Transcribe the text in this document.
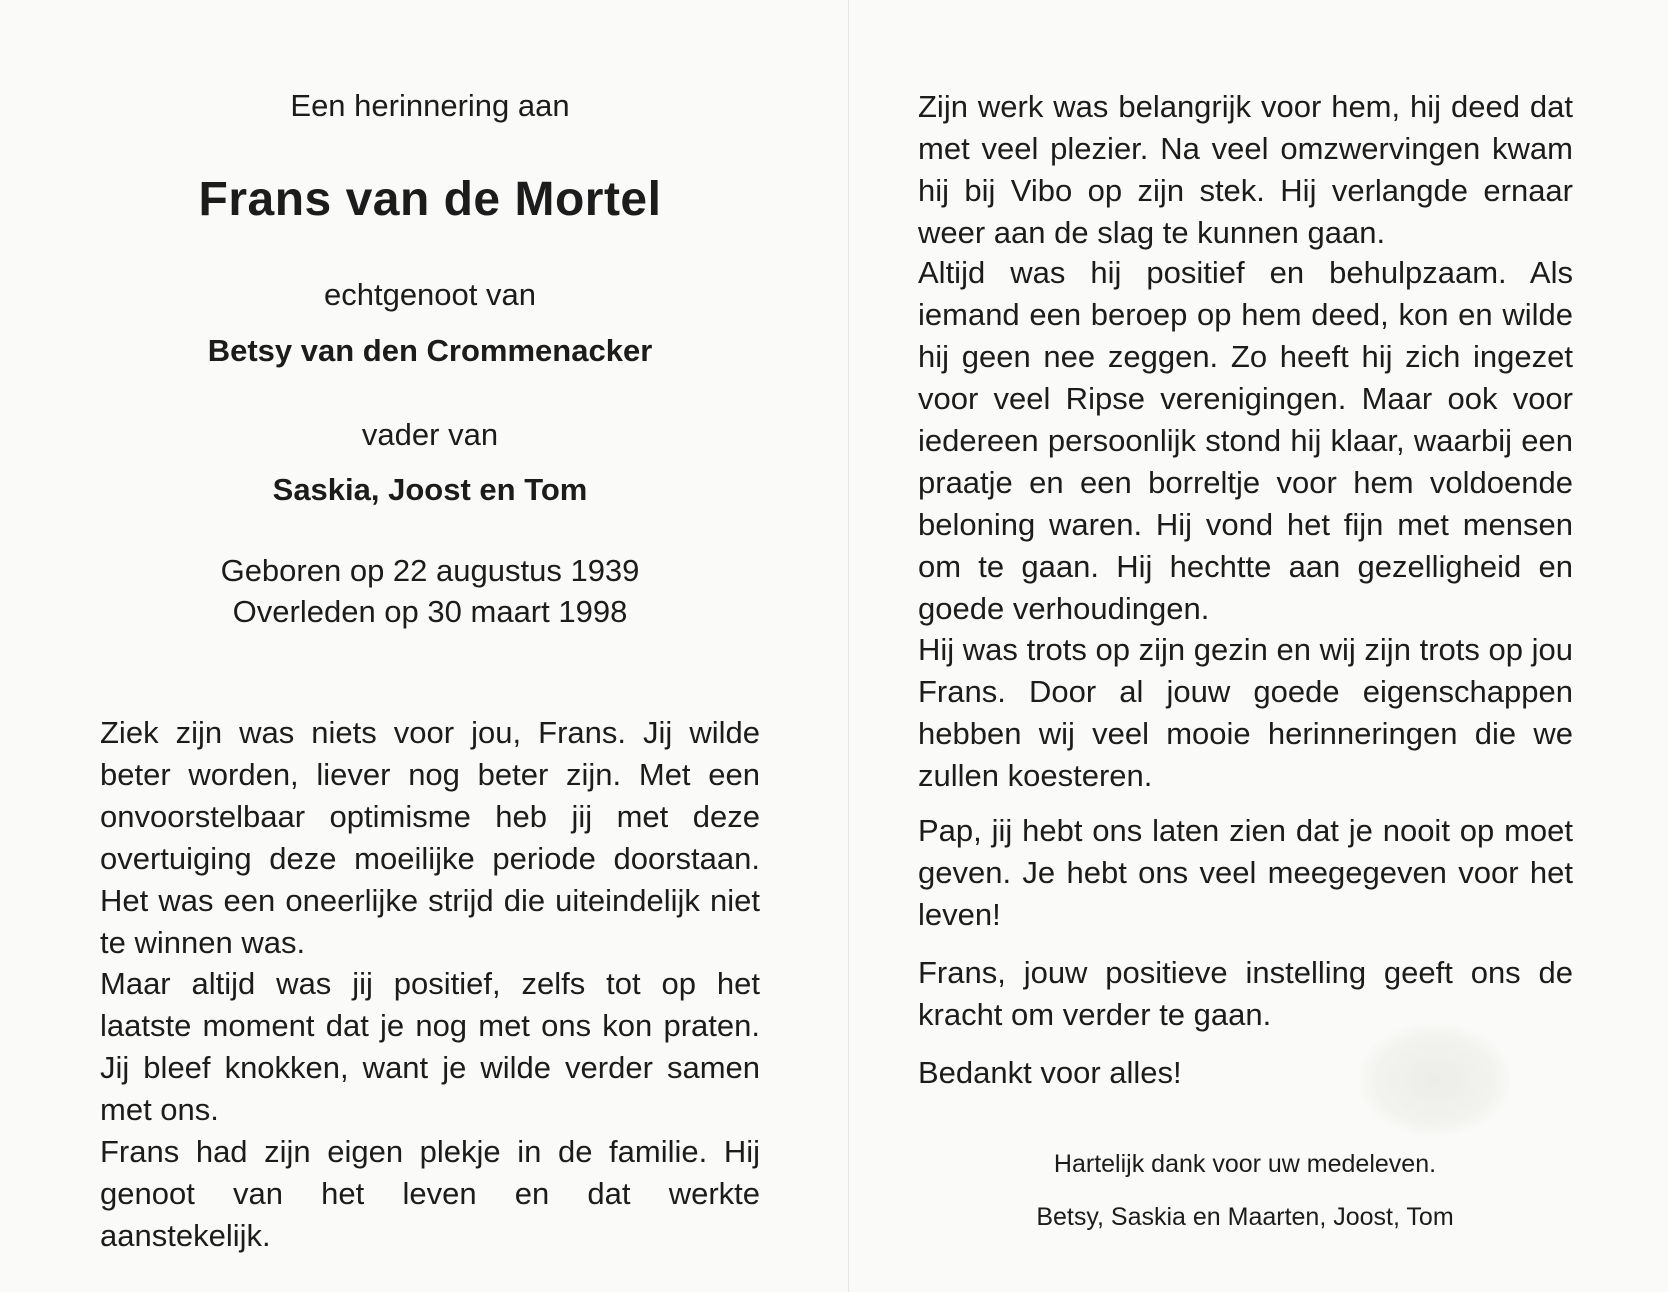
Een herinnering aan
Frans van de Mortel
echtgenoot van
Betsy van den Crommenacker
vader van
Saskia, Joost en Tom
Geboren op 22 augustus 1939
Overleden op 30 maart 1998

Ziek zijn was niets voor jou, Frans. Jij wilde beter worden, liever nog beter zijn. Met een onvoorstelbaar optimisme heb jij met deze overtuiging deze moeilijke periode doorstaan. Het was een oneerlijke strijd die uiteindelijk niet te winnen was.

Maar altijd was jij positief, zelfs tot op het laatste moment dat je nog met ons kon praten. Jij bleef knokken, want je wilde verder samen met ons.

Frans had zijn eigen plekje in de familie. Hij genoot van het leven en dat werkte aanstekelijk.

Zijn werk was belangrijk voor hem, hij deed dat met veel plezier. Na veel omzwervingen kwam hij bij Vibo op zijn stek. Hij verlangde ernaar weer aan de slag te kunnen gaan.

Altijd was hij positief en behulpzaam. Als iemand een beroep op hem deed, kon en wilde hij geen nee zeggen. Zo heeft hij zich ingezet voor veel Ripse verenigingen. Maar ook voor iedereen persoonlijk stond hij klaar, waarbij een praatje en een borreltje voor hem voldoende beloning waren. Hij vond het fijn met mensen om te gaan. Hij hechtte aan gezelligheid en goede verhoudingen.

Hij was trots op zijn gezin en wij zijn trots op jou Frans. Door al jouw goede eigenschappen hebben wij veel mooie herinneringen die we zullen koesteren.

Pap, jij hebt ons laten zien dat je nooit op moet geven. Je hebt ons veel meegegeven voor het leven!

Frans, jouw positieve instelling geeft ons de kracht om verder te gaan.

Bedankt voor alles!

Hartelijk dank voor uw medeleven.
Betsy, Saskia en Maarten, Joost, Tom
